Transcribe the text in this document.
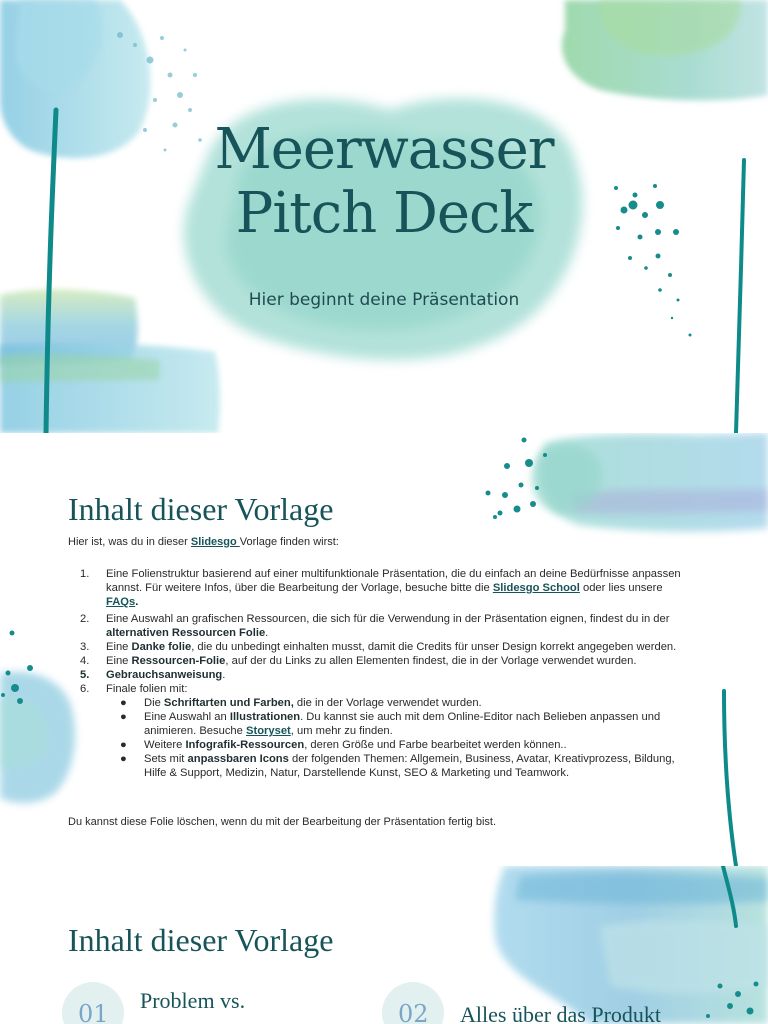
Meerwasser
Pitch Deck
Hier beginnt deine Präsentation
Inhalt dieser Vorlage
Hier ist, was du in dieser Slidesgo Vorlage finden wirst:
1. Eine Folienstruktur basierend auf einer multifunktionale Präsentation, die du einfach an deine Bedürfnisse anpassen kannst. Für weitere Infos, über die Bearbeitung der Vorlage, besuche bitte die Slidesgo School oder lies unsere FAQs.
2. Eine Auswahl an grafischen Ressourcen, die sich für die Verwendung in der Präsentation eignen, findest du in der alternativen Ressourcen Folie.
3. Eine Danke folie, die du unbedingt einhalten musst, damit die Credits für unser Design korrekt angegeben werden.
4. Eine Ressourcen-Folie, auf der du Links zu allen Elementen findest, die in der Vorlage verwendet wurden.
5. Gebrauchsanweisung.
6. Finale folien mit:
● Die Schriftarten und Farben, die in der Vorlage verwendet wurden.
● Eine Auswahl an Illustrationen. Du kannst sie auch mit dem Online-Editor nach Belieben anpassen und animieren. Besuche Storyset, um mehr zu finden.
● Weitere Infografik-Ressourcen, deren Größe und Farbe bearbeitet werden können..
● Sets mit anpassbaren Icons der folgenden Themen: Allgemein, Business, Avatar, Kreativprozess, Bildung, Hilfe & Support, Medizin, Natur, Darstellende Kunst, SEO & Marketing und Teamwork.
Du kannst diese Folie löschen, wenn du mit der Bearbeitung der Präsentation fertig bist.
Inhalt dieser Vorlage
01 Problem vs.	02 Alles über das Produkt
